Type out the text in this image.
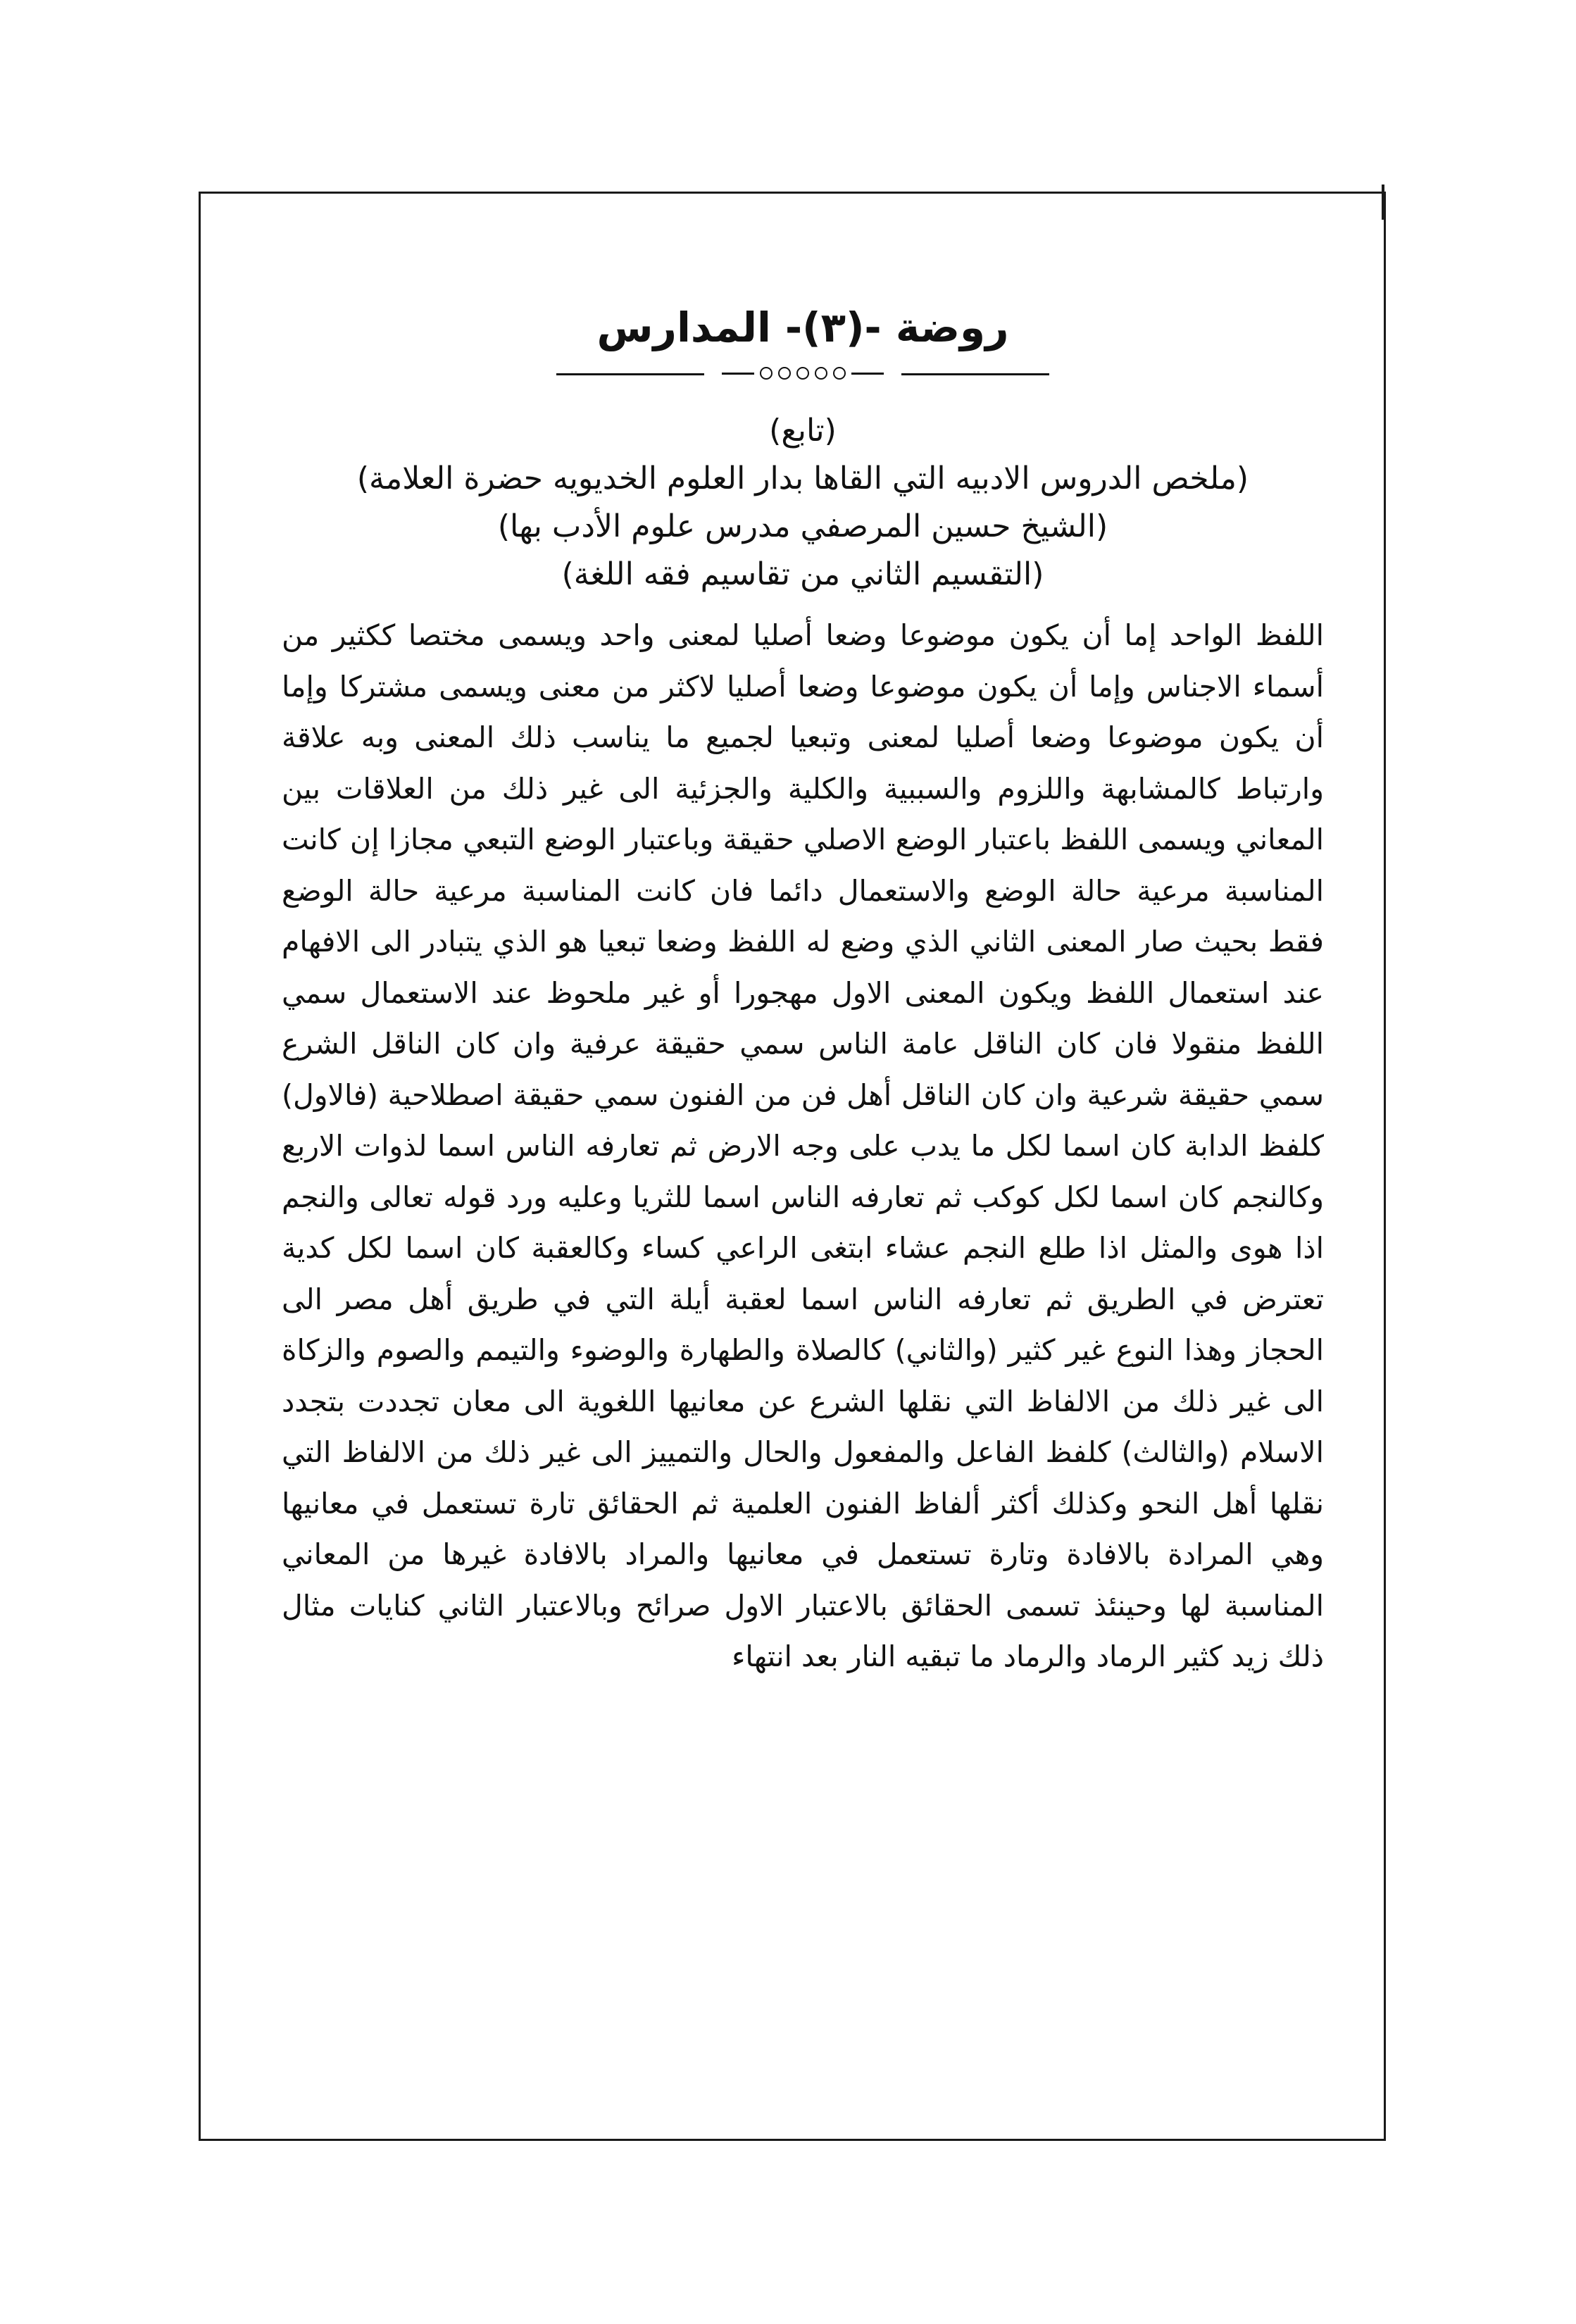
روضة -(٣)- المدارس
(تابع)
(ملخص الدروس الادبيه التي القاها بدار العلوم الخديويه حضرة العلامة)
(الشيخ حسين المرصفي مدرس علوم الأدب بها)
(التقسيم الثاني من تقاسيم فقه اللغة)

اللفظ الواحد إما أن يكون موضوعا وضعا أصليا لمعنى واحد ويسمى مختصا ككثير من أسماء الاجناس وإما أن يكون موضوعا وضعا أصليا لاكثر من معنى ويسمى مشتركا وإما أن يكون موضوعا وضعا أصليا لمعنى وتبعيا لجميع ما يناسب ذلك المعنى وبه علاقة وارتباط كالمشابهة واللزوم والسببية والكلية والجزئية الى غير ذلك من العلاقات بين المعاني ويسمى اللفظ باعتبار الوضع الاصلي حقيقة وباعتبار الوضع التبعي مجازا إن كانت المناسبة مرعية حالة الوضع والاستعمال دائما فان كانت المناسبة مرعية حالة الوضع فقط بحيث صار المعنى الثاني الذي وضع له اللفظ وضعا تبعيا هو الذي يتبادر الى الافهام عند استعمال اللفظ ويكون المعنى الاول مهجورا أو غير ملحوظ عند الاستعمال سمي اللفظ منقولا فان كان الناقل عامة الناس سمي حقيقة عرفية وان كان الناقل الشرع سمي حقيقة شرعية وان كان الناقل أهل فن من الفنون سمي حقيقة اصطلاحية (فالاول) كلفظ الدابة كان اسما لكل ما يدب على وجه الارض ثم تعارفه الناس اسما لذوات الاربع وكالنجم كان اسما لكل كوكب ثم تعارفه الناس اسما للثريا وعليه ورد قوله تعالى والنجم اذا هوى والمثل اذا طلع النجم عشاء ابتغى الراعي كساء وكالعقبة كان اسما لكل كدية تعترض في الطريق ثم تعارفه الناس اسما لعقبة أيلة التي في طريق أهل مصر الى الحجاز وهذا النوع غير كثير (والثاني) كالصلاة والطهارة والوضوء والتيمم والصوم والزكاة الى غير ذلك من الالفاظ التي نقلها الشرع عن معانيها اللغوية الى معان تجددت بتجدد الاسلام (والثالث) كلفظ الفاعل والمفعول والحال والتمييز الى غير ذلك من الالفاظ التي نقلها أهل النحو وكذلك أكثر ألفاظ الفنون العلمية ثم الحقائق تارة تستعمل في معانيها وهي المرادة بالافادة وتارة تستعمل في معانيها والمراد بالافادة غيرها من المعاني المناسبة لها وحينئذ تسمى الحقائق بالاعتبار الاول صرائح وبالاعتبار الثاني كنايات مثال ذلك زيد كثير الرماد والرماد ما تبقيه النار بعد انتهاء
